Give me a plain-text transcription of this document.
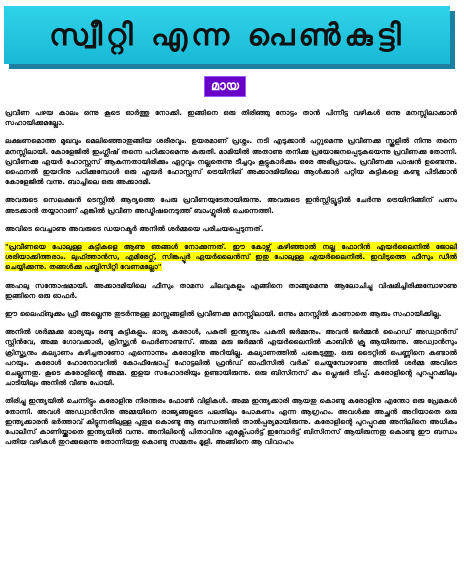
സ്വീറ്റി എന്ന പെൺകുട്ടി
മായ

പ്രവീണ പഴയ കാലം ഒന്നു കൂടെ ഓർത്തു നോക്കി. ഇങ്ങിനെ ഒരു തിരിഞ്ഞു നോട്ടം താൻ പിന്നീട്ട വഴികൾ ഒന്നു മനസ്സിലാക്കാൻ സഹായിക്കുമല്ലോ.

ലക്ഷണമൊത്ത മുഖവും മെലിഞ്ഞൊതുങ്ങിയ ശരീരവും. ഉയരമാണ് പ്രശ്നം. നടി എടുക്കാൻ പറ്റുമെന്നു പ്രവീണക്കു സ്കൂളിൽ നിന്നു തന്നെ മനസ്സിലായി. കോളേജിൽ ഇംഗ്ലീഷ് തന്നെ പഠിക്കാമെന്നു കരുതി. മാമിയിൽ അതാണു തനിക്കു പ്രയോജനപ്പെടുകയെന്നു പ്രവീണക്കു തോന്നി. പ്രവീണക്കു എയർ ഹോസ്റ്റസ് ആകുന്നതായിരിക്കും ഏറ്റവും നല്ലതെന്നു ടീച്ചറും കൂട്ടുകാർക്കും ഒരേ അഭിപ്രായം. പ്രവീണക്കു പാഷൻ ഉണ്ടെന്നു. ഫൈനൽ ഇയറിനു പഠിക്കുമ്പോൾ ഒരു എയർ ഹോസ്റ്റസ് ട്രെയിനിങ് അക്കാദമിയിലെ ആൾക്കാർ പറ്റിയ കുട്ടികളെ കണ്ടു പിടിക്കാൻ കോളേജിൽ വന്നു. ബാച്ചിലെ ഒരു അക്കാദമി.

അവരുടെ സെലക്ഷൻ ടെസ്റ്റിൽ ആദ്യത്തെ പേരു പ്രവീണയുടേതായിരുന്നു. അവരുടെ ഇൻസ്റ്റിട്ട്യൂട്ടിൽ ചേർന്നു ട്രെയിനിങ്ങിന് പണം അടക്കാൻ തയ്യാറാണ് എങ്കിൽ പ്രവീണ അഡ്മിഷനെടുത്ത് ബാംഗ്ലൂരിൽ ചെന്നെത്തി.

അവിടെ വെച്ചാണു അവരുടെ ഡയറക്ടർ അനിൽ ശർമ്മയെ പരിചയപ്പെടുന്നത്.

"പ്രവീണയെ പോലുള്ള കുട്ടികളെ ആണു ഞങ്ങൾ നോക്കുന്നത്. ഈ കോഴ്സ് കഴിഞ്ഞാൽ നല്ല ഫോറിൻ എയർലൈനിൽ ജോലി ശരിയാക്കിത്തരാം. ലുഫ്ത്താൻസ, എമിരേറ്റ്സ്, സിങ്കപ്പൂർ എയർലൈൻസ് ഇതു പോലുള്ള എയർലൈനിൽ. ഇവിടുത്തെ ഫീസും ഡീൽ ചെയ്യിക്കുന്നു. തങ്ങൾക്കു പബ്ലിസിറ്റി വേണമല്ലോ"

അഹലു സന്തോഷമായി. അക്കാദമിയിലെ ഫീസും താമസ ചിലവുകളും എങ്ങിനെ താങ്ങുമെന്നു ആലോചിച്ചു വിഷമിച്ചിരിക്കുമ്പോഴാണു ഇങ്ങിനെ ഒരു ഓഫർ.

ഈ ലൈഫ്ബുക്കും ഫ്രീ അല്ലെന്നു തുടർന്നുള്ള മാസ്സങ്ങളിൽ പ്രവീണക്കു മനസ്സിലായി. ഒന്നും മനസ്സിൽ കാണാതെ ആരും സഹായിക്കില്ല.

അനിൽ ശർമ്മക്കു ഭാര്യയും രണ്ടു കുട്ടികളും. ഭാര്യ കരോൾ, പകുതി ഇന്ത്യനും പകുതി ജർമ്മനും. അവൻ ജർമ്മൻ ഹൈഡ് അഡ്വാൻസ് സ്റ്റിൻവേ, അമ്മ ഗോവക്കാരി, ക്രിസ്ത്യൻ ഫെർണാണ്ടസ്. അമ്മ മരു ജർമ്മൻ എയർലൈനിൽ കാബിൻ ക്രൂ ആയിരുന്നു. അഡ്വാൻസും ക്രിസ്ത്യനും കല്യാണം കഴിച്ചതാണോ എന്നൊന്നും കരോളിനു അറിയില്ല. കല്യാണത്തിൽ പങ്കെടുത്തു. ഒരു ടൈറ്റിൽ പെണ്ണിനെ കണ്ടാൽ പറയും. കരോൾ ഹോനോവറിൽ കോഫീഷോപ്പ് ഹോട്ടലിൽ ഫ്രൻഡ് ഓഫീസിൽ വർക് ചെയ്യുമ്പോഴാണു അനിൽ ശർമ്മ അവിടെ ചെല്ലുന്നതു. കൂടെ കരോളിന്റെ അമ്മ. ഇളയ സഹോദരിയും ഉണ്ടായിരുന്നു. ഒരു ബിസിനസ് കം പ്ലെഷർ ട്രിപ്പ്. കരോളിന്റെ പുറപ്പുറക്കിലും ചാടിയിലും അനിൽ വീണു പോയി.

തിരിച്ചു ഇന്ത്യയിൽ ചെന്നിട്ടും കരോളിനു നിരന്തരം ഫോൺ വിളികൾ. അമ്മ ഇന്ത്യക്കാരി ആയതു കൊണ്ടു കരോളിനു എന്തോ ഒരു പ്രേമകൾ തോന്നി. അവൾ അഡ്വാൻസിനു അമ്മയിനെ രാജ്യങ്ങളുടെ പലതിലും പോകണം എന്ന ആഗ്രഹം. അവൾക്കു അച്ഛൻ അറിയാതെ ഒരു ഇന്ത്യക്കാരൻ ഭർത്താവ് കിട്ടുന്നതിലുള്ള പുതുമ കൊണ്ടു ആ ബന്ധത്തിൽ താൽപ്പര്യമായിരുന്നു. കരോളിന്റെ പുറപ്പുറക്കു അനിലിനെ അധികം പോലീസ് കാണിയ്ക്കാതെ ഇന്ത്യയിൽ വന്നു. അനിലിന്റെ പിതാവിനു എക്സ്പോർട്ട് ഇമ്പോർട്ട് ബിസിനസ് ആയിരുന്നതു കൊണ്ടു ഈ ബന്ധം പതിയ വഴികൾ തുറക്കുമെന്നു തോന്നിയതു കൊണ്ടു സമ്മതം മൂളി. അങ്ങിനെ ആ വിവാഹം
